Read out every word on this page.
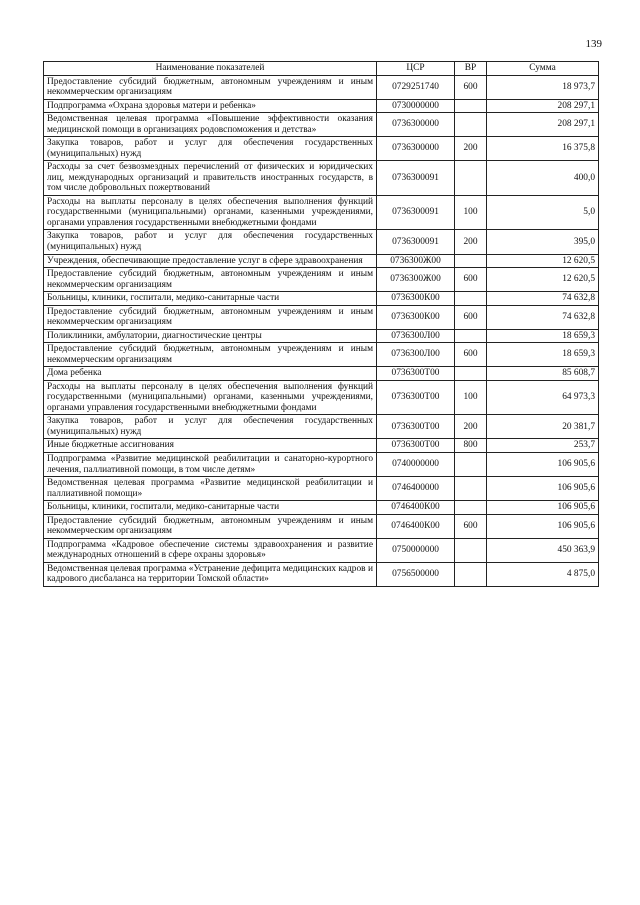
139
Наименование показателей	ЦСР	ВР	Сумма
Предоставление субсидий бюджетным, автономным учреждениям и иным некоммерческим организациям	0729251740	600	18 973,7
Подпрограмма «Охрана здоровья матери и ребенка»	0730000000		208 297,1
Ведомственная целевая программа «Повышение эффективности оказания медицинской помощи в организациях родовспоможения и детства»	0736300000		208 297,1
Закупка товаров, работ и услуг для обеспечения государственных (муниципальных) нужд	0736300000	200	16 375,8
Расходы за счет безвозмездных перечислений от физических и юридических лиц, международных организаций и правительств иностранных государств, в том числе добровольных пожертвований	0736300091		400,0
Расходы на выплаты персоналу в целях обеспечения выполнения функций государственными (муниципальными) органами, казенными учреждениями, органами управления государственными внебюджетными фондами	0736300091	100	5,0
Закупка товаров, работ и услуг для обеспечения государственных (муниципальных) нужд	0736300091	200	395,0
Учреждения, обеспечивающие предоставление услуг в сфере здравоохранения	0736300Ж00		12 620,5
Предоставление субсидий бюджетным, автономным учреждениям и иным некоммерческим организациям	0736300Ж00	600	12 620,5
Больницы, клиники, госпитали, медико-санитарные части	0736300К00		74 632,8
Предоставление субсидий бюджетным, автономным учреждениям и иным некоммерческим организациям	0736300К00	600	74 632,8
Поликлиники, амбулатории, диагностические центры	0736300Л00		18 659,3
Предоставление субсидий бюджетным, автономным учреждениям и иным некоммерческим организациям	0736300Л00	600	18 659,3
Дома ребенка	0736300Т00		85 608,7
Расходы на выплаты персоналу в целях обеспечения выполнения функций государственными (муниципальными) органами, казенными учреждениями, органами управления государственными внебюджетными фондами	0736300Т00	100	64 973,3
Закупка товаров, работ и услуг для обеспечения государственных (муниципальных) нужд	0736300Т00	200	20 381,7
Иные бюджетные ассигнования	0736300Т00	800	253,7
Подпрограмма «Развитие медицинской реабилитации и санаторно-курортного лечения, паллиативной помощи, в том числе детям»	0740000000		106 905,6
Ведомственная целевая программа «Развитие медицинской реабилитации и паллиативной помощи»	0746400000		106 905,6
Больницы, клиники, госпитали, медико-санитарные части	0746400К00		106 905,6
Предоставление субсидий бюджетным, автономным учреждениям и иным некоммерческим организациям	0746400К00	600	106 905,6
Подпрограмма «Кадровое обеспечение системы здравоохранения и развитие международных отношений в сфере охраны здоровья»	0750000000		450 363,9
Ведомственная целевая программа «Устранение дефицита медицинских кадров и кадрового дисбаланса на территории Томской области»	0756500000		4 875,0
